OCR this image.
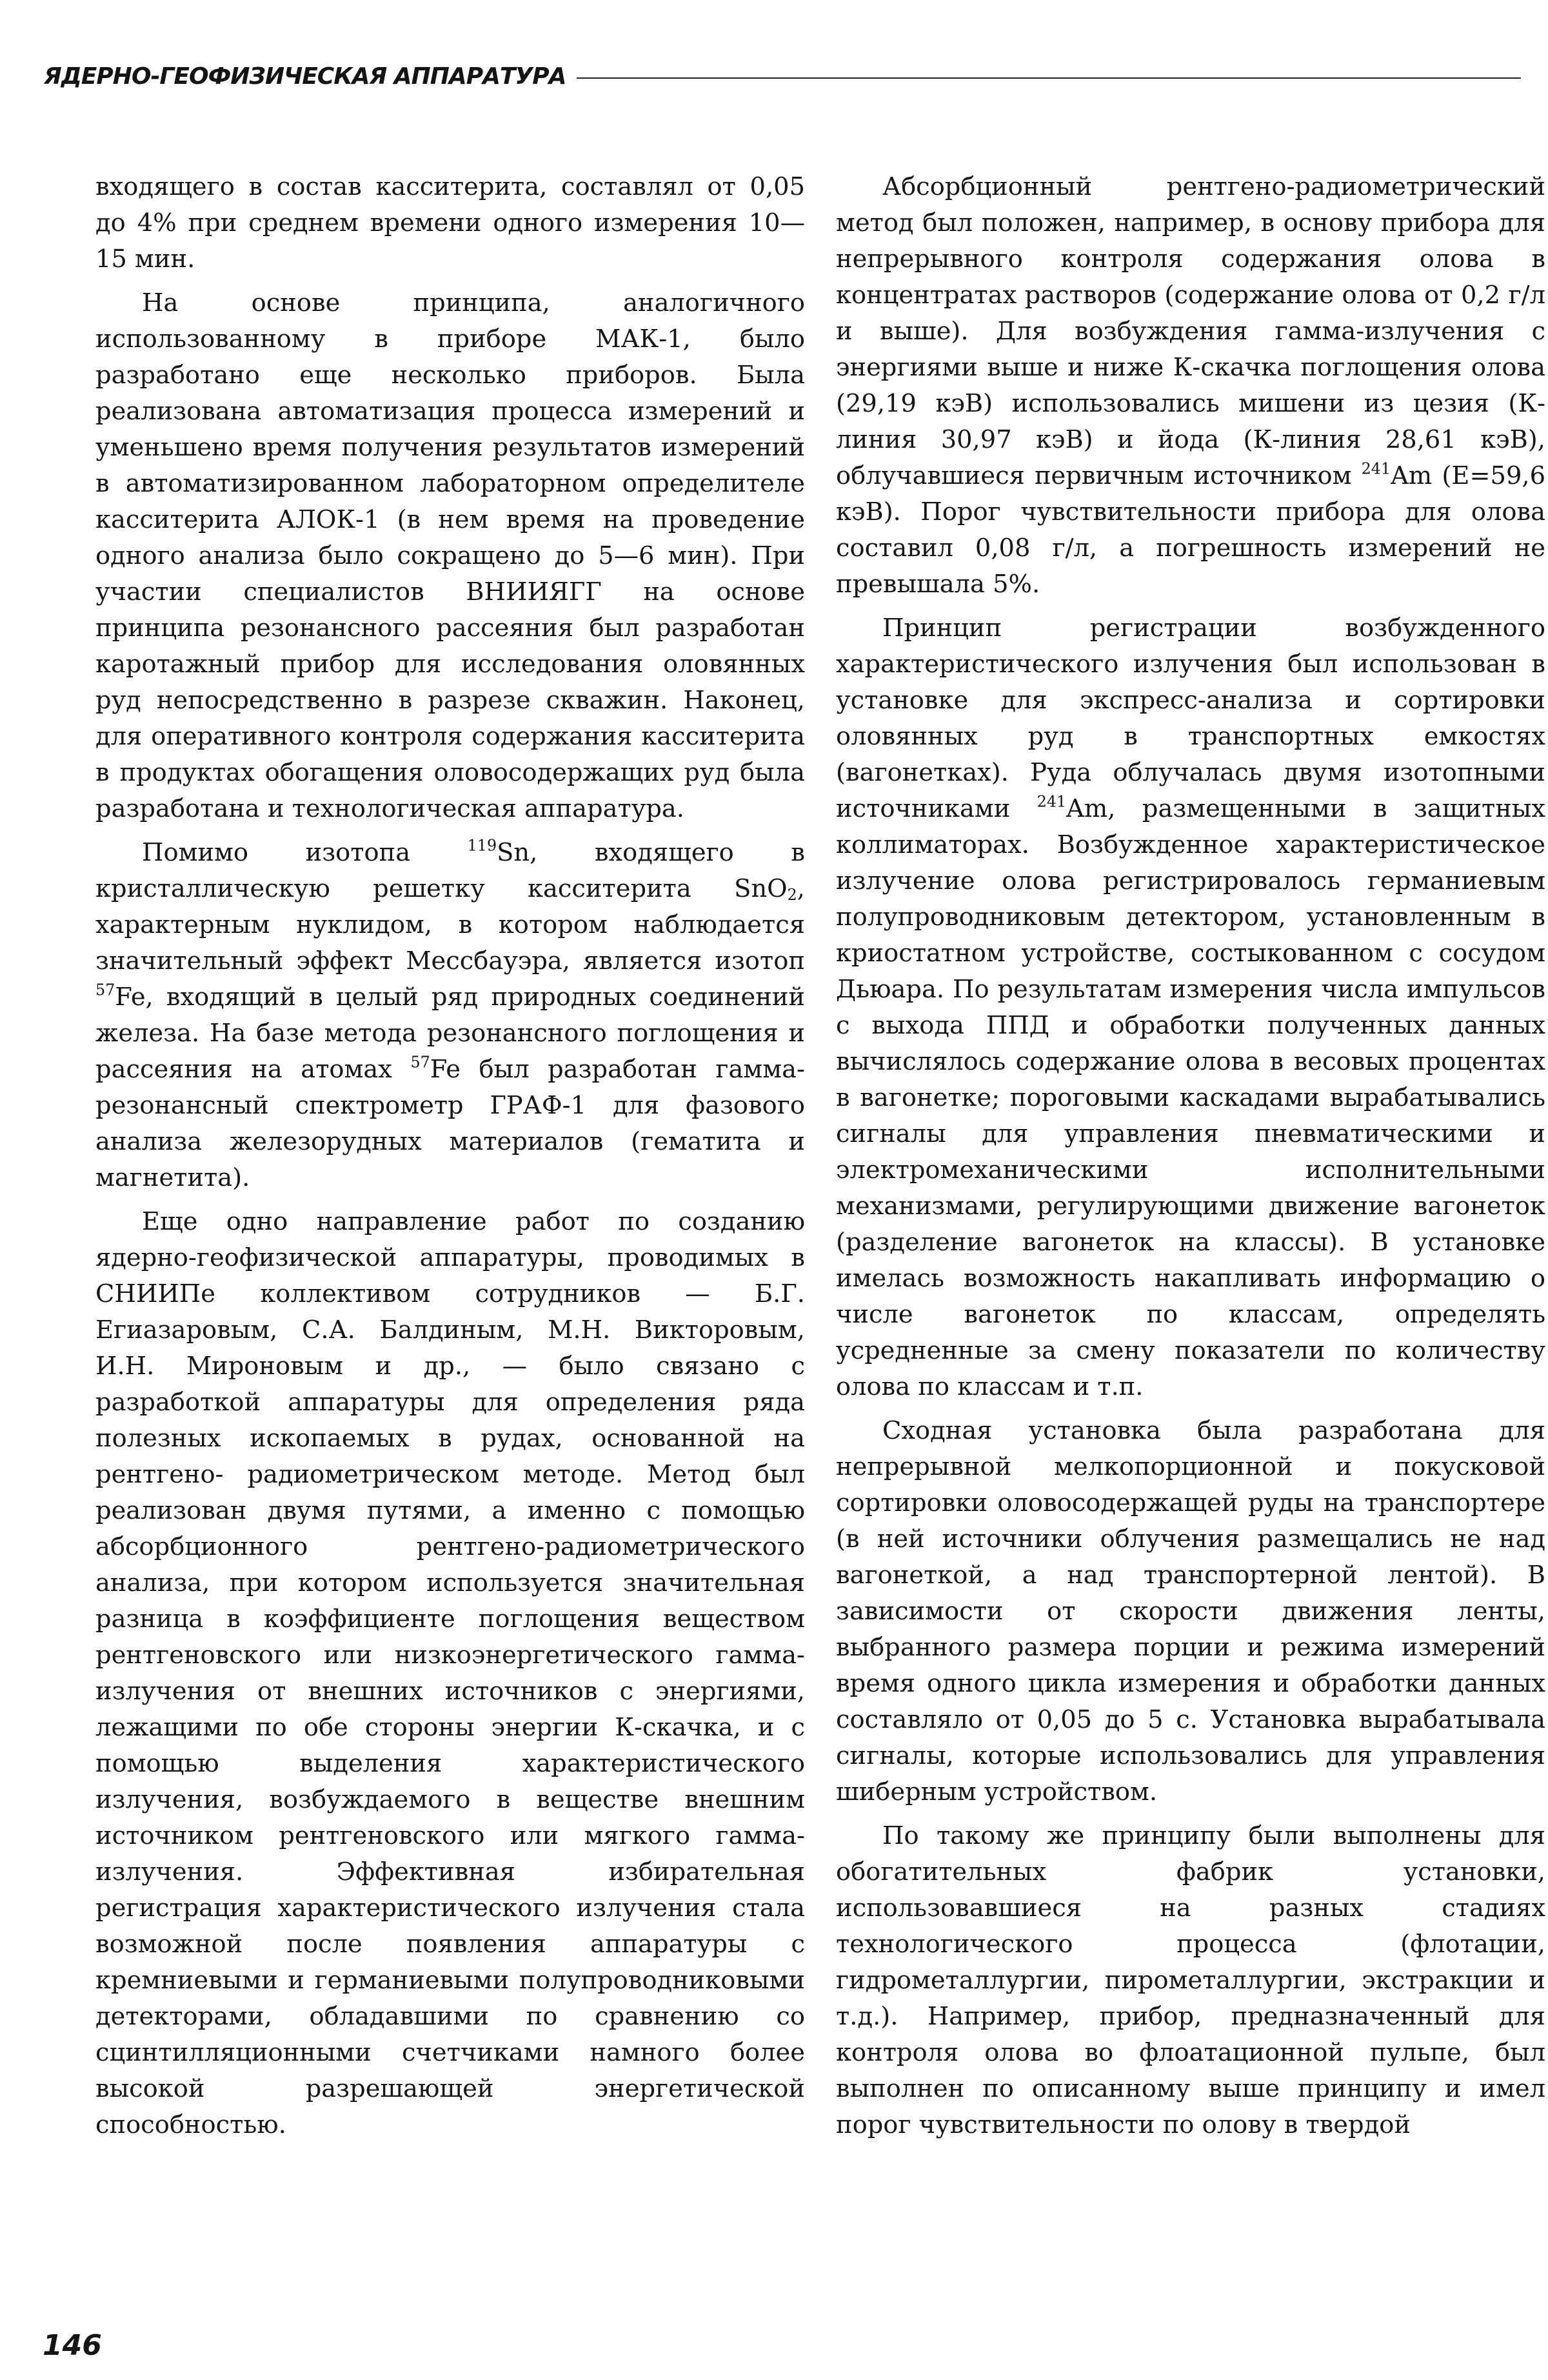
ЯДЕРНО-ГЕОФИЗИЧЕСКАЯ АППАРАТУРА

входящего в состав касситерита, составлял от 0,05 до 4% при среднем времени одного измерения 10—15 мин.

На основе принципа, аналогичного использованному в приборе МАК-1, было разработано еще несколько приборов. Была реализована автоматизация процесса измерений и уменьшено время получения результатов измерений в автоматизированном лабораторном определителе касситерита АЛОК-1 (в нем время на проведение одного анализа было сокращено до 5—6 мин). При участии специалистов ВНИИЯГГ на основе принципа резонансного рассеяния был разработан каротажный прибор для исследования оловянных руд непосредственно в разрезе скважин. Наконец, для оперативного контроля содержания касситерита в продуктах обогащения оловосодержащих руд была разработана и технологическая аппаратура.

Помимо изотопа $^{119}$Sn, входящего в кристаллическую решетку касситерита SnO$_2$, характерным нуклидом, в котором наблюдается значительный эффект Мессбауэра, является изотоп $^{57}$Fe, входящий в целый ряд природных соединений железа. На базе метода резонансного поглощения и рассеяния на атомах $^{57}$Fe был разработан гамма-резонансный спектрометр ГРАФ-1 для фазового анализа железорудных материалов (гематита и магнетита).

Еще одно направление работ по созданию ядерно-геофизической аппаратуры, проводимых в СНИИПе коллективом сотрудников — Б.Г. Егиазаровым, С.А. Балдиным, М.Н. Викторовым, И.Н. Мироновым и др., — было связано с разработкой аппаратуры для определения ряда полезных ископаемых в рудах, основанной на рентгено- радиометрическом методе. Метод был реализован двумя путями, а именно с помощью абсорбционного рентгено-радиометрического анализа, при котором используется значительная разница в коэффициенте поглощения веществом рентгеновского или низкоэнергетического гамма-излучения от внешних источников с энергиями, лежащими по обе стороны энергии К-скачка, и с помощью выделения характеристического излучения, возбуждаемого в веществе внешним источником рентгеновского или мягкого гамма-излучения. Эффективная избирательная регистрация характеристического излучения стала возможной после появления аппаратуры с кремниевыми и германиевыми полупроводниковыми детекторами, обладавшими по сравнению со сцинтилляционными счетчиками намного более высокой разрешающей энергетической способностью.

Абсорбционный рентгено-радиометрический метод был положен, например, в основу прибора для непрерывного контроля содержания олова в концентратах растворов (содержание олова от 0,2 г/л и выше). Для возбуждения гамма-излучения с энергиями выше и ниже К-скачка поглощения олова (29,19 кэВ) использовались мишени из цезия (К-линия 30,97 кэВ) и йода (К-линия 28,61 кэВ), облучавшиеся первичным источником $^{241}$Am (E=59,6 кэВ). Порог чувствительности прибора для олова составил 0,08 г/л, а погрешность измерений не превышала 5%.

Принцип регистрации возбужденного характеристического излучения был использован в установке для экспресс-анализа и сортировки оловянных руд в транспортных емкостях (вагонетках). Руда облучалась двумя изотопными источниками $^{241}$Am, размещенными в защитных коллиматорах. Возбужденное характеристическое излучение олова регистрировалось германиевым полупроводниковым детектором, установленным в криостатном устройстве, состыкованном с сосудом Дьюара. По результатам измерения числа импульсов с выхода ППД и обработки полученных данных вычислялось содержание олова в весовых процентах в вагонетке; пороговыми каскадами вырабатывались сигналы для управления пневматическими и электромеханическими исполнительными механизмами, регулирующими движение вагонеток (разделение вагонеток на классы). В установке имелась возможность накапливать информацию о числе вагонеток по классам, определять усредненные за смену показатели по количеству олова по классам и т.п.

Сходная установка была разработана для непрерывной мелкопорционной и покусковой сортировки оловосодержащей руды на транспортере (в ней источники облучения размещались не над вагонеткой, а над транспортерной лентой). В зависимости от скорости движения ленты, выбранного размера порции и режима измерений время одного цикла измерения и обработки данных составляло от 0,05 до 5 с. Установка вырабатывала сигналы, которые использовались для управления шиберным устройством.

По такому же принципу были выполнены для обогатительных фабрик установки, использовавшиеся на разных стадиях технологического процесса (флотации, гидрометаллургии, пирометаллургии, экстракции и т.д.). Например, прибор, предназначенный для контроля олова во флоатационной пульпе, был выполнен по описанному выше принципу и имел порог чувствительности по олову в твердой

146
